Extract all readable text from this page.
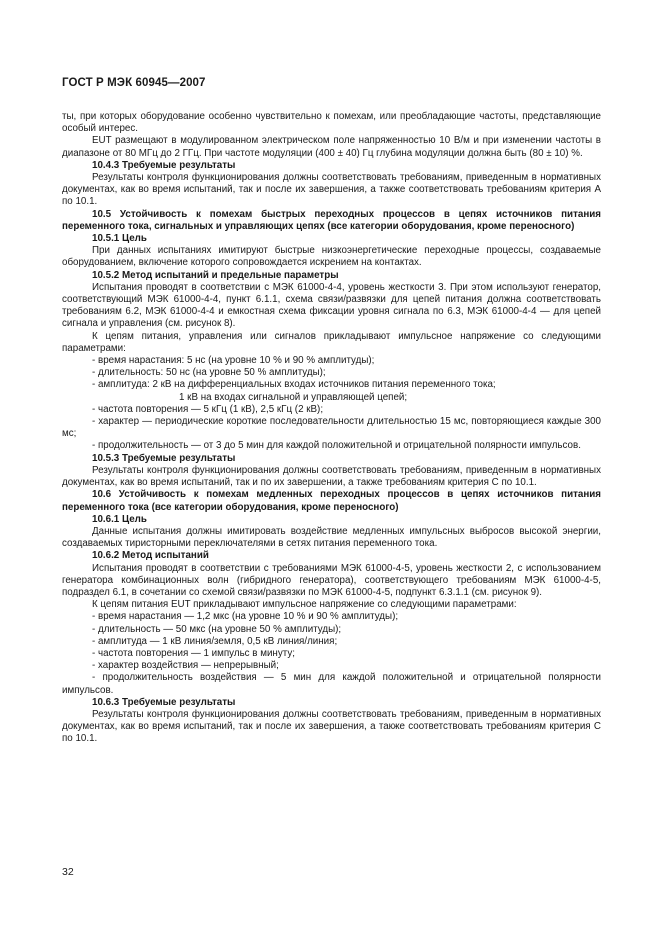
ГОСТ Р МЭК 60945—2007

ты, при которых оборудование особенно чувствительно к помехам, или преобладающие частоты, представляющие особый интерес.

EUT размещают в модулированном электрическом поле напряженностью 10 В/м и при изменении частоты в диапазоне от 80 МГц до 2 ГГц. При частоте модуляции (400 ± 40) Гц глубина модуляции должна быть (80 ± 10) %.

10.4.3 Требуемые результаты

Результаты контроля функционирования должны соответствовать требованиям, приведенным в нормативных документах, как во время испытаний, так и после их завершения, а также соответствовать требованиям критерия А по 10.1.

10.5 Устойчивость к помехам быстрых переходных процессов в цепях источников питания переменного тока, сигнальных и управляющих цепях (все категории оборудования, кроме переносного)

10.5.1 Цель

При данных испытаниях имитируют быстрые низкоэнергетические переходные процессы, создаваемые оборудованием, включение которого сопровождается искрением на контактах.

10.5.2 Метод испытаний и предельные параметры

Испытания проводят в соответствии с МЭК 61000-4-4, уровень жесткости 3. При этом используют генератор, соответствующий МЭК 61000-4-4, пункт 6.1.1, схема связи/развязки для цепей питания должна соответствовать требованиям 6.2, МЭК 61000-4-4 и емкостная схема фиксации уровня сигнала по 6.3, МЭК 61000-4-4 — для цепей сигнала и управления (см. рисунок 8).

К цепям питания, управления или сигналов прикладывают импульсное напряжение со следующими параметрами:

- время нарастания: 5 нс (на уровне 10 % и 90 % амплитуды);

- длительность: 50 нс (на уровне 50 % амплитуды);

- амплитуда: 2 кВ на дифференциальных входах источников питания переменного тока;

1 кВ на входах сигнальной и управляющей цепей;

- частота повторения — 5 кГц (1 кВ), 2,5 кГц (2 кВ);

- характер — периодические короткие последовательности длительностью 15 мс, повторяющиеся каждые 300 мс;

- продолжительность — от 3 до 5 мин для каждой положительной и отрицательной полярности импульсов.

10.5.3 Требуемые результаты

Результаты контроля функционирования должны соответствовать требованиям, приведенным в нормативных документах, как во время испытаний, так и по их завершении, а также требованиям критерия С по 10.1.

10.6 Устойчивость к помехам медленных переходных процессов в цепях источников питания переменного тока (все категории оборудования, кроме переносного)

10.6.1 Цель

Данные испытания должны имитировать воздействие медленных импульсных выбросов высокой энергии, создаваемых тиристорными переключателями в сетях питания переменного тока.

10.6.2 Метод испытаний

Испытания проводят в соответствии с требованиями МЭК 61000-4-5, уровень жесткости 2, с использованием генератора комбинационных волн (гибридного генератора), соответствующего требованиям МЭК 61000-4-5, подраздел 6.1, в сочетании со схемой связи/развязки по МЭК 61000-4-5, подпункт 6.3.1.1 (см. рисунок 9).

К цепям питания EUT прикладывают импульсное напряжение со следующими параметрами:

- время нарастания — 1,2 мкс (на уровне 10 % и 90 % амплитуды);

- длительность — 50 мкс (на уровне 50 % амплитуды);

- амплитуда — 1 кВ линия/земля, 0,5 кВ линия/линия;

- частота повторения — 1 импульс в минуту;

- характер воздействия — непрерывный;

- продолжительность воздействия — 5 мин для каждой положительной и отрицательной полярности импульсов.

10.6.3 Требуемые результаты

Результаты контроля функционирования должны соответствовать требованиям, приведенным в нормативных документах, как во время испытаний, так и после их завершения, а также соответствовать требованиям критерия С по 10.1.

32
